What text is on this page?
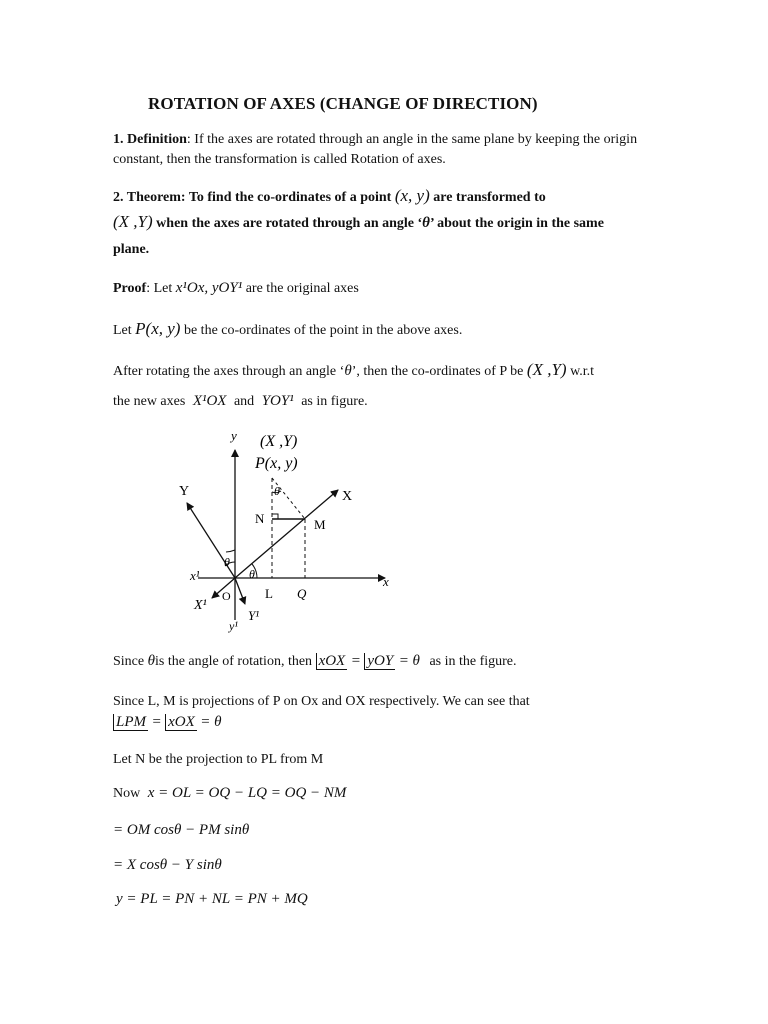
ROTATION OF AXES (CHANGE OF DIRECTION)
1. Definition: If the axes are rotated through an angle in the same plane by keeping the origin constant, then the transformation is called Rotation of axes.
2. Theorem: To find the co-ordinates of a point (x, y) are transformed to
(X ,Y) when the axes are rotated through an angle ‘θ’ about the origin in the same
plane.
Proof: Let x¹Ox, yOY¹ are the original axes
Let P(x, y) be the co-ordinates of the point in the above axes.
After rotating the axes through an angle ‘θ’, then the co-ordinates of P be (X ,Y) w.r.t
the new axes X¹OX and YOY¹ as in figure.
y (X ,Y)
P(x, y)
Y	X
N	M
x¹
θ
θ
θ
x
X¹
O	L Q
Y¹
y¹
Since θis the angle of rotation, then xOX = yOY = θ as in the figure.
Since L, M is projections of P on Ox and OX respectively. We can see that
LPM = xOX = θ
Let N be the projection to PL from M
Now x = OL = OQ − LQ = OQ − NM
= OM cosθ − PM sinθ
= X cosθ − Y sinθ
y = PL = PN + NL = PN + MQ
